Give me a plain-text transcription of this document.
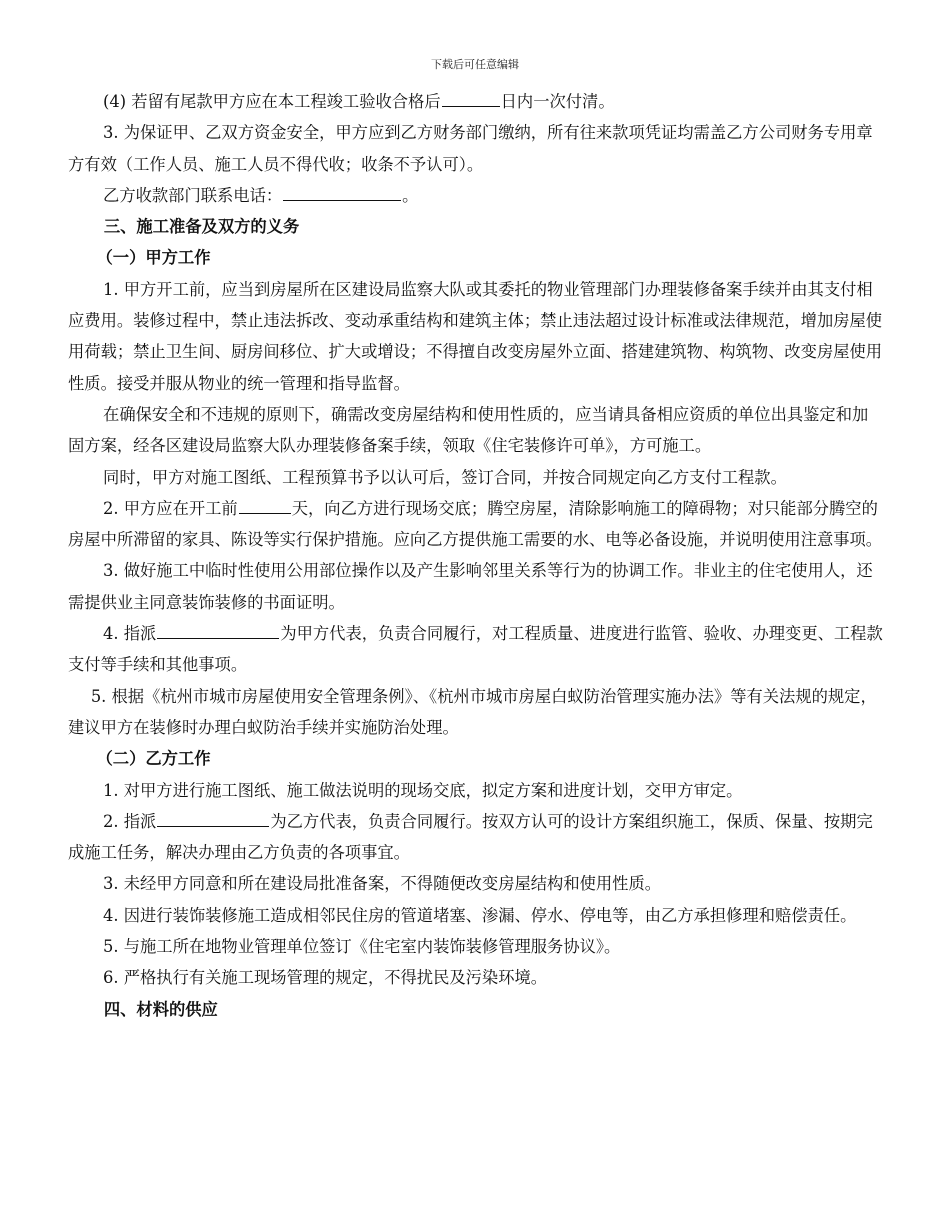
下载后可任意编辑

(4) 若留有尾款甲方应在本工程竣工验收合格后	日内一次付清。

3. 为保证甲、乙双方资金安全，甲方应到乙方财务部门缴纳，所有往来款项凭证均需盖乙方公司财务专用章方有效（工作人员、施工人员不得代收；收条不予认可）。

乙方收款部门联系电话：	。

三、施工准备及双方的义务

（一）甲方工作

1. 甲方开工前，应当到房屋所在区建设局监察大队或其委托的物业管理部门办理装修备案手续并由其支付相应费用。装修过程中，禁止违法拆改、变动承重结构和建筑主体；禁止违法超过设计标准或法律规范，增加房屋使用荷载；禁止卫生间、厨房间移位、扩大或增设；不得擅自改变房屋外立面、搭建建筑物、构筑物、改变房屋使用性质。接受并服从物业的统一管理和指导监督。

在确保安全和不违规的原则下，确需改变房屋结构和使用性质的，应当请具备相应资质的单位出具鉴定和加固方案，经各区建设局监察大队办理装修备案手续，领取《住宅装修许可单》，方可施工。

同时，甲方对施工图纸、工程预算书予以认可后，签订合同，并按合同规定向乙方支付工程款。

2. 甲方应在开工前	天，向乙方进行现场交底；腾空房屋，清除影响施工的障碍物；对只能部分腾空的房屋中所滞留的家具、陈设等实行保护措施。应向乙方提供施工需要的水、电等必备设施，并说明使用注意事项。

3. 做好施工中临时性使用公用部位操作以及产生影响邻里关系等行为的协调工作。非业主的住宅使用人，还需提供业主同意装饰装修的书面证明。

4. 指派	为甲方代表，负责合同履行，对工程质量、进度进行监管、验收、办理变更、工程款支付等手续和其他事项。

5. 根据《杭州市城市房屋使用安全管理条例》、《杭州市城市房屋白蚁防治管理实施办法》等有关法规的规定，建议甲方在装修时办理白蚁防治手续并实施防治处理。

（二）乙方工作

1. 对甲方进行施工图纸、施工做法说明的现场交底，拟定方案和进度计划，交甲方审定。

2. 指派	为乙方代表，负责合同履行。按双方认可的设计方案组织施工，保质、保量、按期完成施工任务，解决办理由乙方负责的各项事宜。

3. 未经甲方同意和所在建设局批准备案，不得随便改变房屋结构和使用性质。

4. 因进行装饰装修施工造成相邻民住房的管道堵塞、渗漏、停水、停电等，由乙方承担修理和赔偿责任。

5. 与施工所在地物业管理单位签订《住宅室内装饰装修管理服务协议》。

6. 严格执行有关施工现场管理的规定，不得扰民及污染环境。

四、材料的供应
